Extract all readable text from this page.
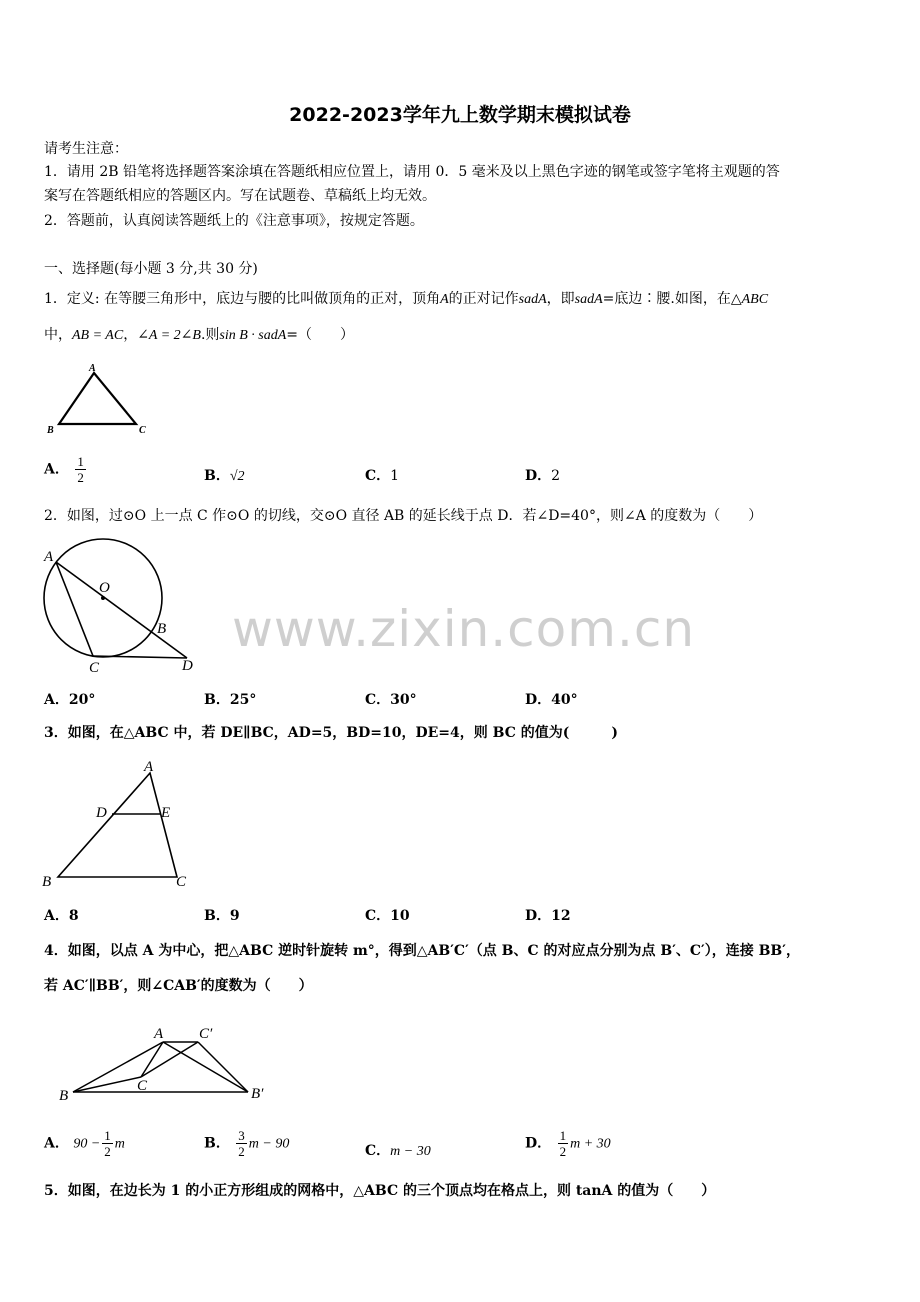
2022-2023学年九上数学期末模拟试卷
请考生注意：
1．请用 2B 铅笔将选择题答案涂填在答题纸相应位置上，请用 0．5 毫米及以上黑色字迹的钢笔或签字笔将主观题的答
案写在答题纸相应的答题区内。写在试题卷、草稿纸上均无效。
2．答题前，认真阅读答题纸上的《注意事项》，按规定答题。
一、选择题(每小题 3 分,共 30 分)
1．定义: 在等腰三角形中，底边与腰的比叫做顶角的正对，顶角A的正对记作sadA，即sadA=底边∶腰.如图，在△ABC
中，AB = AC，∠A = 2∠B.则sin B · sadA=（　　）
A
B	C
A． $\frac{1}{2}$	B．√2	C．1	D．2
2．如图，过⊙O 上一点 C 作⊙O 的切线，交⊙O 直径 AB 的延长线于点 D．若∠D=40°，则∠A 的度数为（　　）
A
O
B
C	D
A．20°	B．25°	C．30°	D．40°
www.zixin.com.cn
3．如图，在△ABC 中，若 DE∥BC，AD=5，BD=10，DE=4，则 BC 的值为(　　　)
A
D	E
B	C
A．8	B．9	C．10	D．12
4．如图，以点 A 为中心，把△ABC 逆时针旋转 m°，得到△AB′C′（点 B、C 的对应点分别为点 B′、C′），连接 BB′，
若 AC′∥BB′，则∠CAB′的度数为（　　）
A C′
B
C	B′
A． $90 - \frac{1}{2}$ m	B． $\frac{3}{2}$ m − 90	C．m − 30	D． $\frac{1}{2}$ m + 30
5．如图，在边长为 1 的小正方形组成的网格中，△ABC 的三个顶点均在格点上，则 tanA 的值为（　　）
